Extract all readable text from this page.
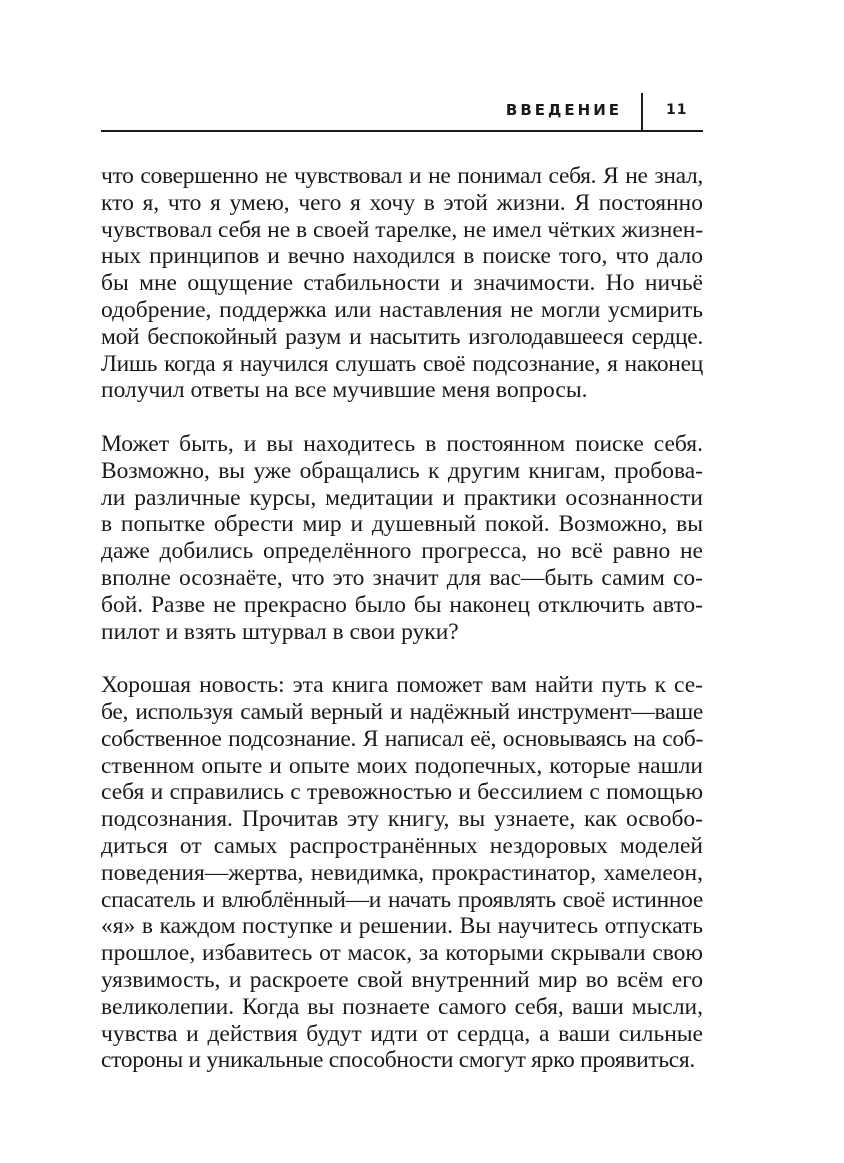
ВВЕДЕНИЕ	11
что совершенно не чувствовал и не понимал себя. Я не знал,
кто я, что я умею, чего я хочу в этой жизни. Я постоянно
чувствовал себя не в своей тарелке, не имел чётких жизнен-
ных принципов и вечно находился в поиске того, что дало
бы мне ощущение стабильности и значимости. Но ничьё
одобрение, поддержка или наставления не могли усмирить
мой беспокойный разум и насытить изголодавшееся сердце.
Лишь когда я научился слушать своё подсознание, я наконец
получил ответы на все мучившие меня вопросы.
Может быть, и вы находитесь в постоянном поиске себя.
Возможно, вы уже обращались к другим книгам, пробова-
ли различные курсы, медитации и практики осознанности
в попытке обрести мир и душевный покой. Возможно, вы
даже добились определённого прогресса, но всё равно не
вполне осознаёте, что это значит для вас—быть самим со-
бой. Разве не прекрасно было бы наконец отключить авто-
пилот и взять штурвал в свои руки?
Хорошая новость: эта книга поможет вам найти путь к се-
бе, используя самый верный и надёжный инструмент—ваше
собственное подсознание. Я написал её, основываясь на соб-
ственном опыте и опыте моих подопечных, которые нашли
себя и справились с тревожностью и бессилием с помощью
подсознания. Прочитав эту книгу, вы узнаете, как освобо-
диться от самых распространённых нездоровых моделей
поведения—жертва, невидимка, прокрастинатор, хамелеон,
спасатель и влюблённый—и начать проявлять своё истинное
«я» в каждом поступке и решении. Вы научитесь отпускать
прошлое, избавитесь от масок, за которыми скрывали свою
уязвимость, и раскроете свой внутренний мир во всём его
великолепии. Когда вы познаете самого себя, ваши мысли,
чувства и действия будут идти от сердца, а ваши сильные
стороны и уникальные способности смогут ярко проявиться.
